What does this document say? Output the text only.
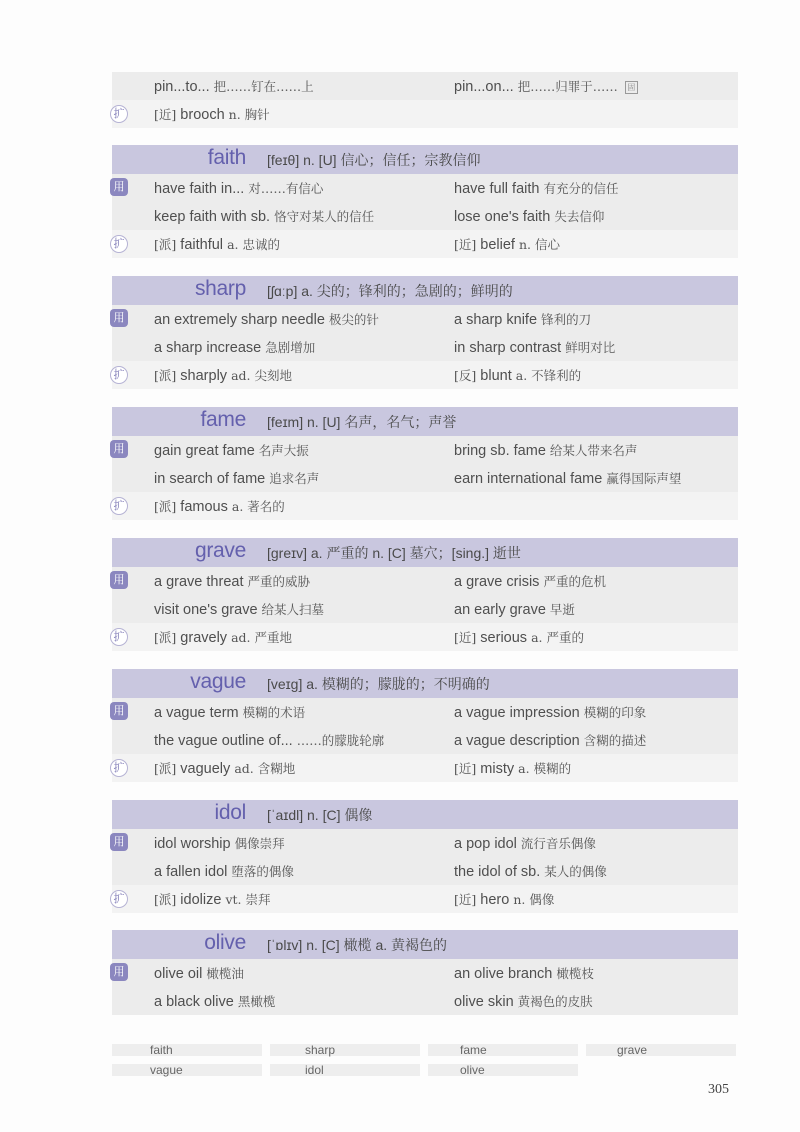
pin...to... 把……钉在……上	pin...on... 把……归罪于…… 固
扩 [近] brooch n. 胸针
faith [feɪθ] n. [U] 信心；信任；宗教信仰
用 have faith in... 对……有信心	have full faith 有充分的信任
keep faith with sb. 恪守对某人的信任	lose one's faith 失去信仰
扩 [派] faithful a. 忠诚的	[近] belief n. 信心
sharp [ʃɑːp] a. 尖的；锋利的；急剧的；鲜明的
用 an extremely sharp needle 极尖的针	a sharp knife 锋利的刀
a sharp increase 急剧增加	in sharp contrast 鲜明对比
扩 [派] sharply ad. 尖刻地	[反] blunt a. 不锋利的
fame [feɪm] n. [U] 名声，名气；声誉
用 gain great fame 名声大振	bring sb. fame 给某人带来名声
in search of fame 追求名声	earn international fame 赢得国际声望
扩 [派] famous a. 著名的
grave [greɪv] a. 严重的 n. [C] 墓穴；[sing.] 逝世
用 a grave threat 严重的威胁	a grave crisis 严重的危机
visit one's grave 给某人扫墓	an early grave 早逝
扩 [派] gravely ad. 严重地	[近] serious a. 严重的
vague [veɪg] a. 模糊的；朦胧的；不明确的
用 a vague term 模糊的术语	a vague impression 模糊的印象
the vague outline of... ……的朦胧轮廓	a vague description 含糊的描述
扩 [派] vaguely ad. 含糊地	[近] misty a. 模糊的
idol [ˈaɪdl] n. [C] 偶像
用 idol worship 偶像崇拜	a pop idol 流行音乐偶像
a fallen idol 堕落的偶像	the idol of sb. 某人的偶像
扩 [派] idolize vt. 崇拜	[近] hero n. 偶像
olive [ˈɒlɪv] n. [C] 橄榄 a. 黄褐色的
用 olive oil 橄榄油	an olive branch 橄榄枝
a black olive 黑橄榄	olive skin 黄褐色的皮肤
faith	sharp	fame	grave
vague	idol	olive
305
